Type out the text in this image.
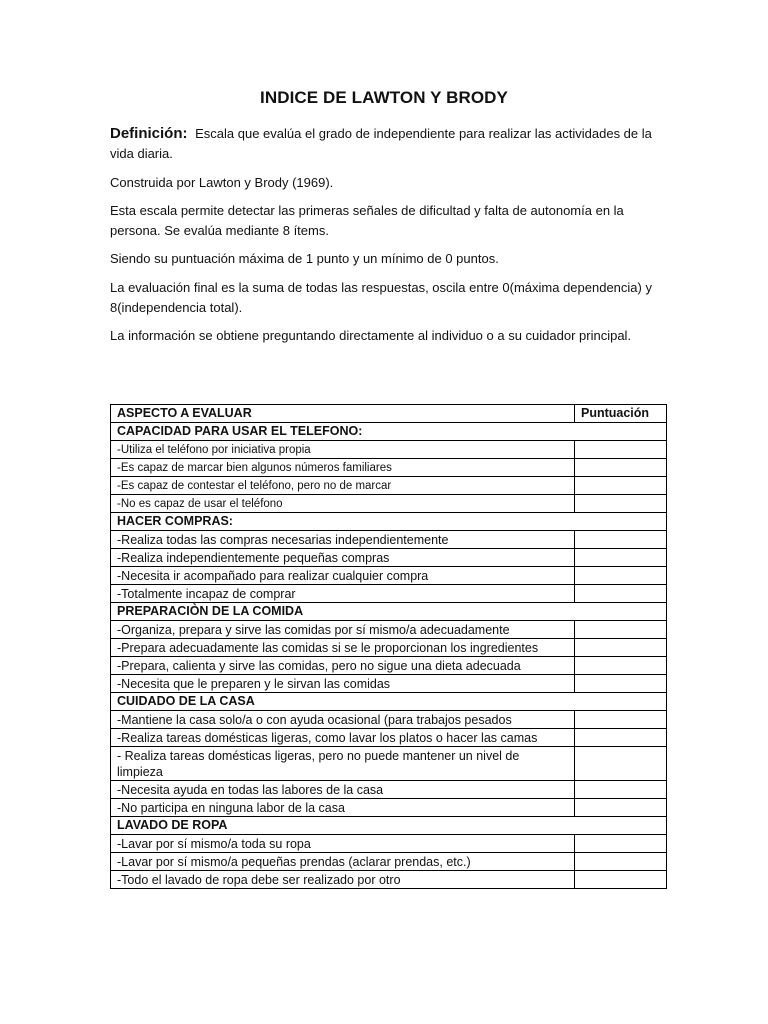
INDICE DE LAWTON Y BRODY
Definición: Escala que evalúa el grado de independiente para realizar las actividades de la vida diaria.
Construida por Lawton y Brody (1969).
Esta escala permite detectar las primeras señales de dificultad y falta de autonomía en la persona. Se evalúa mediante 8 ítems.
Siendo su puntuación máxima de 1 punto y un mínimo de 0 puntos.
La evaluación final es la suma de todas las respuestas, oscila entre 0(máxima dependencia) y 8(independencia total).
La información se obtiene preguntando directamente al individuo o a su cuidador principal.
ASPECTO A EVALUAR	Puntuación
CAPACIDAD PARA USAR EL TELEFONO:	
-Utiliza el teléfono por iniciativa propia	
-Es capaz de marcar bien algunos números familiares	
-Es capaz de contestar el teléfono, pero no de marcar	
-No es capaz de usar el teléfono	
HACER COMPRAS:	
-Realiza todas las compras necesarias independientemente	
-Realiza independientemente pequeñas compras	
-Necesita ir acompañado para realizar cualquier compra	
-Totalmente incapaz de comprar	
PREPARACIÒN DE LA COMIDA	
-Organiza, prepara y sirve las comidas por sí mismo/a adecuadamente	
-Prepara adecuadamente las comidas si se le proporcionan los ingredientes	
-Prepara, calienta y sirve las comidas, pero no sigue una dieta adecuada	
-Necesita que le preparen y le sirvan las comidas	
CUIDADO DE LA CASA	
-Mantiene la casa solo/a o con ayuda ocasional (para trabajos pesados	
-Realiza tareas domésticas ligeras, como lavar los platos o hacer las camas	
- Realiza tareas domésticas ligeras, pero no puede mantener un nivel de limpieza	
-Necesita ayuda en todas las labores de la casa	
-No participa en ninguna labor de la casa	
LAVADO DE ROPA	
-Lavar por sí mismo/a toda su ropa	
-Lavar por sí mismo/a pequeñas prendas (aclarar prendas, etc.)	
-Todo el lavado de ropa debe ser realizado por otro	
